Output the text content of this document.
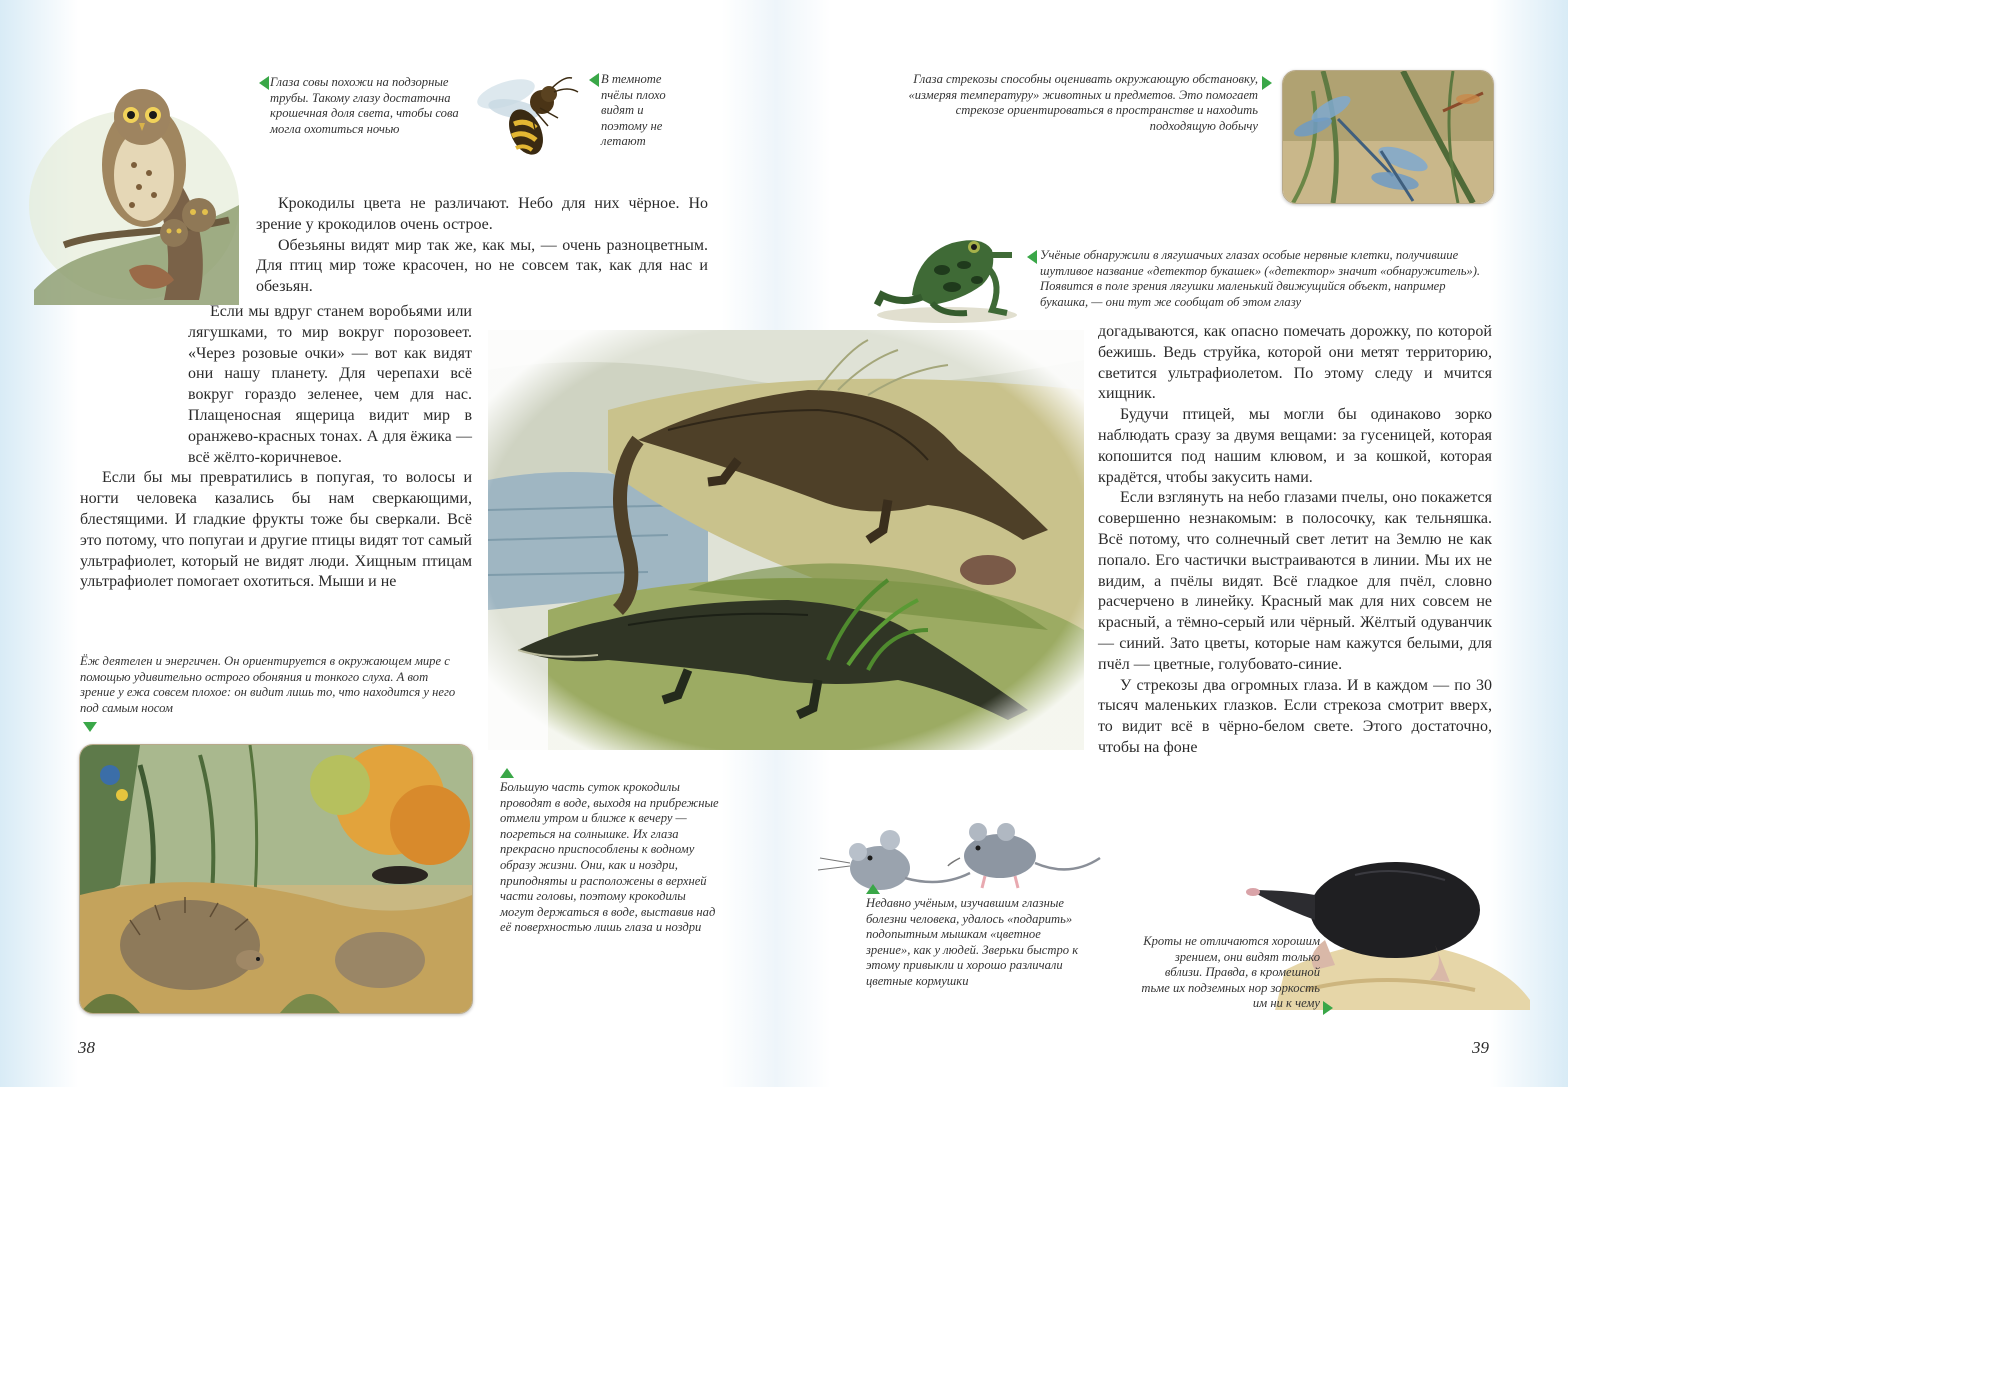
Глаза совы похожи на подзорные трубы. Такому глазу достаточна крошечная доля света, чтобы сова могла охотиться ночью

В темноте пчёлы плохо видят и поэтому не летают

Крокодилы цвета не различают. Небо для них чёрное. Но зрение у крокодилов очень острое.

Обезьяны видят мир так же, как мы, — очень разноцветным. Для птиц мир тоже красочен, но не совсем так, как для нас и обезьян.

Если мы вдруг станем воробьями или лягушками, то мир вокруг порозовеет. «Через розовые очки» — вот как видят они нашу планету. Для черепахи всё вокруг гораздо зеленее, чем для нас. Плащеносная ящерица видит мир в оранжево-красных тонах. А для ёжика — всё жёлто-коричневое.

Если бы мы превратились в попугая, то волосы и ногти человека казались бы нам сверкающими, блестящими. И гладкие фрукты тоже бы сверкали. Всё это потому, что попугаи и другие птицы видят тот самый ультрафиолет, который не видят люди. Хищным птицам ультрафиолет помогает охотиться. Мыши и не

Ёж деятелен и энергичен. Он ориентируется в окружающем мире с помощью удивительно острого обоняния и тонкого слуха. А вот зрение у ежа совсем плохое: он видит лишь то, что находится у него под самым носом

38

Большую часть суток крокодилы проводят в воде, выходя на прибрежные отмели утром и ближе к вечеру — погреться на солнышке. Их глаза прекрасно приспособлены к водному образу жизни. Они, как и ноздри, приподняты и расположены в верхней части головы, поэтому крокодилы могут держаться в воде, выставив над её поверхностью лишь глаза и ноздри

Глаза стрекозы способны оценивать окружающую обстановку, «измеряя температуру» животных и предметов. Это помогает стрекозе ориентироваться в пространстве и находить подходящую добычу

Учёные обнаружили в лягушачьих глазах особые нервные клетки, получившие шутливое название «детектор букашек» («детектор» значит «обнаружитель»). Появится в поле зрения лягушки маленький движущийся объект, например букашка, — они тут же сообщат об этом глазу

догадываются, как опасно помечать дорожку, по которой бежишь. Ведь струйка, которой они метят территорию, светится ультрафиолетом. По этому следу и мчится хищник.

Будучи птицей, мы могли бы одинаково зорко наблюдать сразу за двумя вещами: за гусеницей, которая копошится под нашим клювом, и за кошкой, которая крадётся, чтобы закусить нами.

Если взглянуть на небо глазами пчелы, оно покажется совершенно незнакомым: в полосочку, как тельняшка. Всё потому, что солнечный свет летит на Землю не как попало. Его частички выстраиваются в линии. Мы их не видим, а пчёлы видят. Всё гладкое для пчёл, словно расчерчено в линейку. Красный мак для них совсем не красный, а тёмно-серый или чёрный. Жёлтый одуванчик — синий. Зато цветы, которые нам кажутся белыми, для пчёл — цветные, голубовато-синие.

У стрекозы два огромных глаза. И в каждом — по 30 тысяч маленьких глазков. Если стрекоза смотрит вверх, то видит всё в чёрно-белом свете. Этого достаточно, чтобы на фоне

Недавно учёным, изучавшим глазные болезни человека, удалось «подарить» подопытным мышкам «цветное зрение», как у людей. Зверьки быстро к этому привыкли и хорошо различали цветные кормушки

Кроты не отличаются хорошим зрением, они видят только вблизи. Правда, в кромешной тьме их подземных нор зоркость им ни к чему

39
